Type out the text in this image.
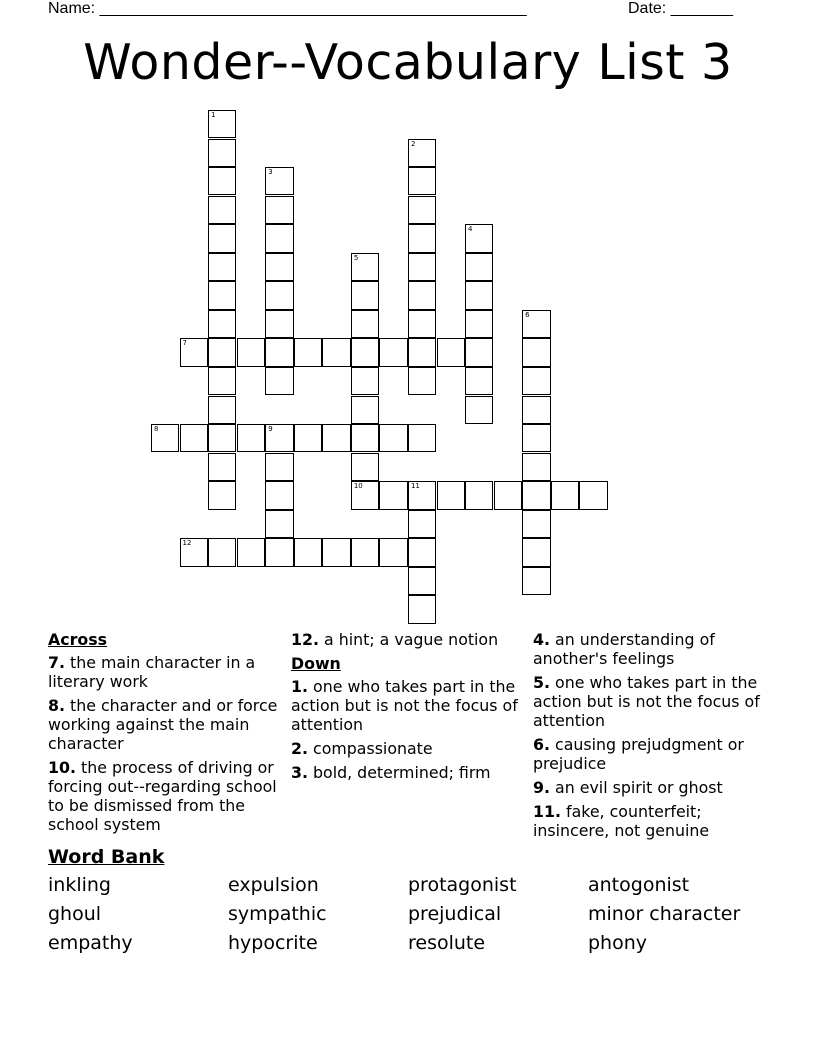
Name: ________________________________________________	Date: _______
Wonder--Vocabulary List 3
1
2
3
4
5
10
6
7
8	9
11
12
Across
7. the main character in a literary work
8. the character and or force working against the main character
10. the process of driving or forcing out--regarding school to be dismissed from the school system
12. a hint; a vague notion
Down
1. one who takes part in the action but is not the focus of attention
2. compassionate
3. bold, determined; firm
4. an understanding of another's feelings
5. one who takes part in the action but is not the focus of attention
6. causing prejudgment or prejudice
9. an evil spirit or ghost
11. fake, counterfeit; insincere, not genuine
Word Bank
inkling	expulsion	protagonist	antogonist
ghoul	sympathic	prejudical	minor character
empathy	hypocrite	resolute	phony
